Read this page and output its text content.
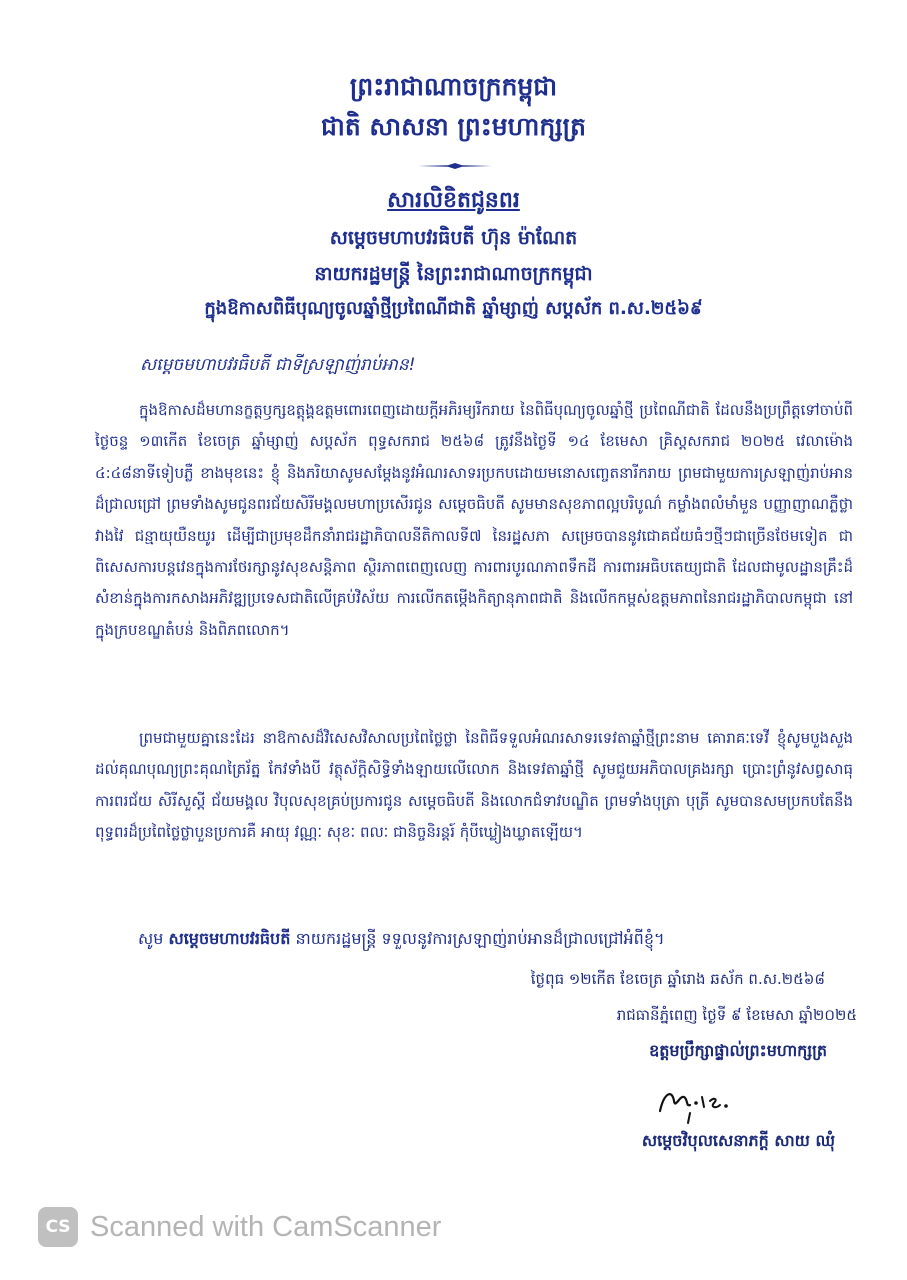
ព្រះរាជាណាចក្រកម្ពុជា
ជាតិ សាសនា ព្រះមហាក្សត្រ
សារលិខិតជូនពរ
សម្ដេចមហាបវរធិបតី ហ៊ុន ម៉ាណែត
នាយករដ្ឋមន្ត្រី នៃព្រះរាជាណាចក្រកម្ពុជា
ក្នុងឱកាសពិធីបុណ្យចូលឆ្នាំថ្មីប្រពៃណីជាតិ ឆ្នាំម្សាញ់ សប្តស័ក ព.ស.២៥៦៩
សម្ដេចមហាបវរធិបតី ជាទីស្រឡាញ់រាប់អាន!
ក្នុងឱកាសដ៏មហានក្ខត្តឫក្សឧត្តុង្គឧត្តមពោរពេញដោយក្តីអភិរម្យរីករាយ នៃពិធីបុណ្យចូលឆ្នាំថ្មី ប្រពៃណីជាតិ ដែលនឹងប្រព្រឹត្តទៅចាប់ពីថ្ងៃចន្ទ ១៣កើត ខែចេត្រ ឆ្នាំម្សាញ់ សប្តស័ក ពុទ្ធសករាជ ២៥៦៨ ត្រូវនឹងថ្ងៃទី ១៤ ខែមេសា គ្រិស្តសករាជ ២០២៥ វេលាម៉ោង ៤:៤៨នាទីទៀបភ្លឺ ខាងមុខនេះ ខ្ញុំ និងភរិយាសូមសម្តែងនូវអំណរសាទរប្រកបដោយមនោសញ្ចេតនារីករាយ ព្រមជាមួយការស្រឡាញ់រាប់អានដ៏ជ្រាលជ្រៅ ព្រមទាំងសូមជូនពរជ័យសិរីមង្គលមហាប្រសើរជូន សម្តេចធិបតី សូមមានសុខភាពល្អបរិបូណ៌ កម្លាំងពលំមាំមួន បញ្ញាញាណភ្លឺថ្លាវាងវៃ ជន្មាយុយឺនយូរ ដើម្បីជាប្រមុខដឹកនាំរាជរដ្ឋាភិបាលនីតិកាលទី៧ នៃរដ្ឋសភា សម្រេចបាននូវជោគជ័យធំៗថ្មីៗជាច្រើនថែមទៀត ជាពិសេសការបន្តវេនក្នុងការថែរក្សានូវសុខសន្តិភាព ស្ថិរភាពពេញលេញ ការពារបូរណភាពទឹកដី ការពារអធិបតេយ្យជាតិ ដែលជាមូលដ្ឋានគ្រឹះដ៏សំខាន់ក្នុងការកសាងអភិវឌ្ឍប្រទេសជាតិលើគ្រប់វិស័យ ការលើកតម្កើងកិត្យានុភាពជាតិ និងលើកកម្ពស់ឧត្តមភាពនៃរាជរដ្ឋាភិបាលកម្ពុជា នៅក្នុងក្របខណ្ឌតំបន់ និងពិភពលោក។
ព្រមជាមួយគ្នានេះដែរ នាឱកាសដ៏វិសេសវិសាលប្រពៃថ្លៃថ្លា នៃពិធីទទួលអំណរសាទរទេវតាឆ្នាំថ្មីព្រះនាម គោរាគៈទេវី ខ្ញុំសូមបួងសួងដល់គុណបុណ្យព្រះគុណត្រៃរ័ត្ន កែវទាំងបី វត្ថុស័ក្តិសិទ្ធិទាំងឡាយលើលោក និងទេវតាឆ្នាំថ្មី សូមជួយអភិបាលគ្រងរក្សា ប្រោះព្រំនូវសព្វសាធុការពរជ័យ សិរីសួស្ដី ជ័យមង្គល វិបុលសុខគ្រប់ប្រការជូន សម្តេចធិបតី និងលោកជំទាវបណ្ឌិត ព្រមទាំងបុត្រា បុត្រី សូមបានសមប្រកបតែនឹងពុទ្ធពរដ៏ប្រពៃថ្លៃថ្លាបួនប្រការគឺ អាយុ វណ្ណៈ សុខៈ ពលៈ ជានិច្ចនិរន្តរ៍ កុំបីឃ្លៀងឃ្លាតឡើយ។
សូម សម្តេចមហាបវរធិបតី នាយករដ្ឋមន្ត្រី ទទួលនូវការស្រឡាញ់រាប់អានដ៏ជ្រាលជ្រៅអំពីខ្ញុំ។
ថ្ងៃពុធ ១២កើត ខែចេត្រ ឆ្នាំរោង ឆស័ក ព.ស.២៥៦៨
រាជធានីភ្នំពេញ ថ្ងៃទី ៩ ខែមេសា ឆ្នាំ២០២៥
ឧត្តមប្រឹក្សាផ្ទាល់ព្រះមហាក្សត្រ
សម្តេចវិបុលសេនាភក្តី សាយ ឈុំ
CS Scanned with CamScanner
